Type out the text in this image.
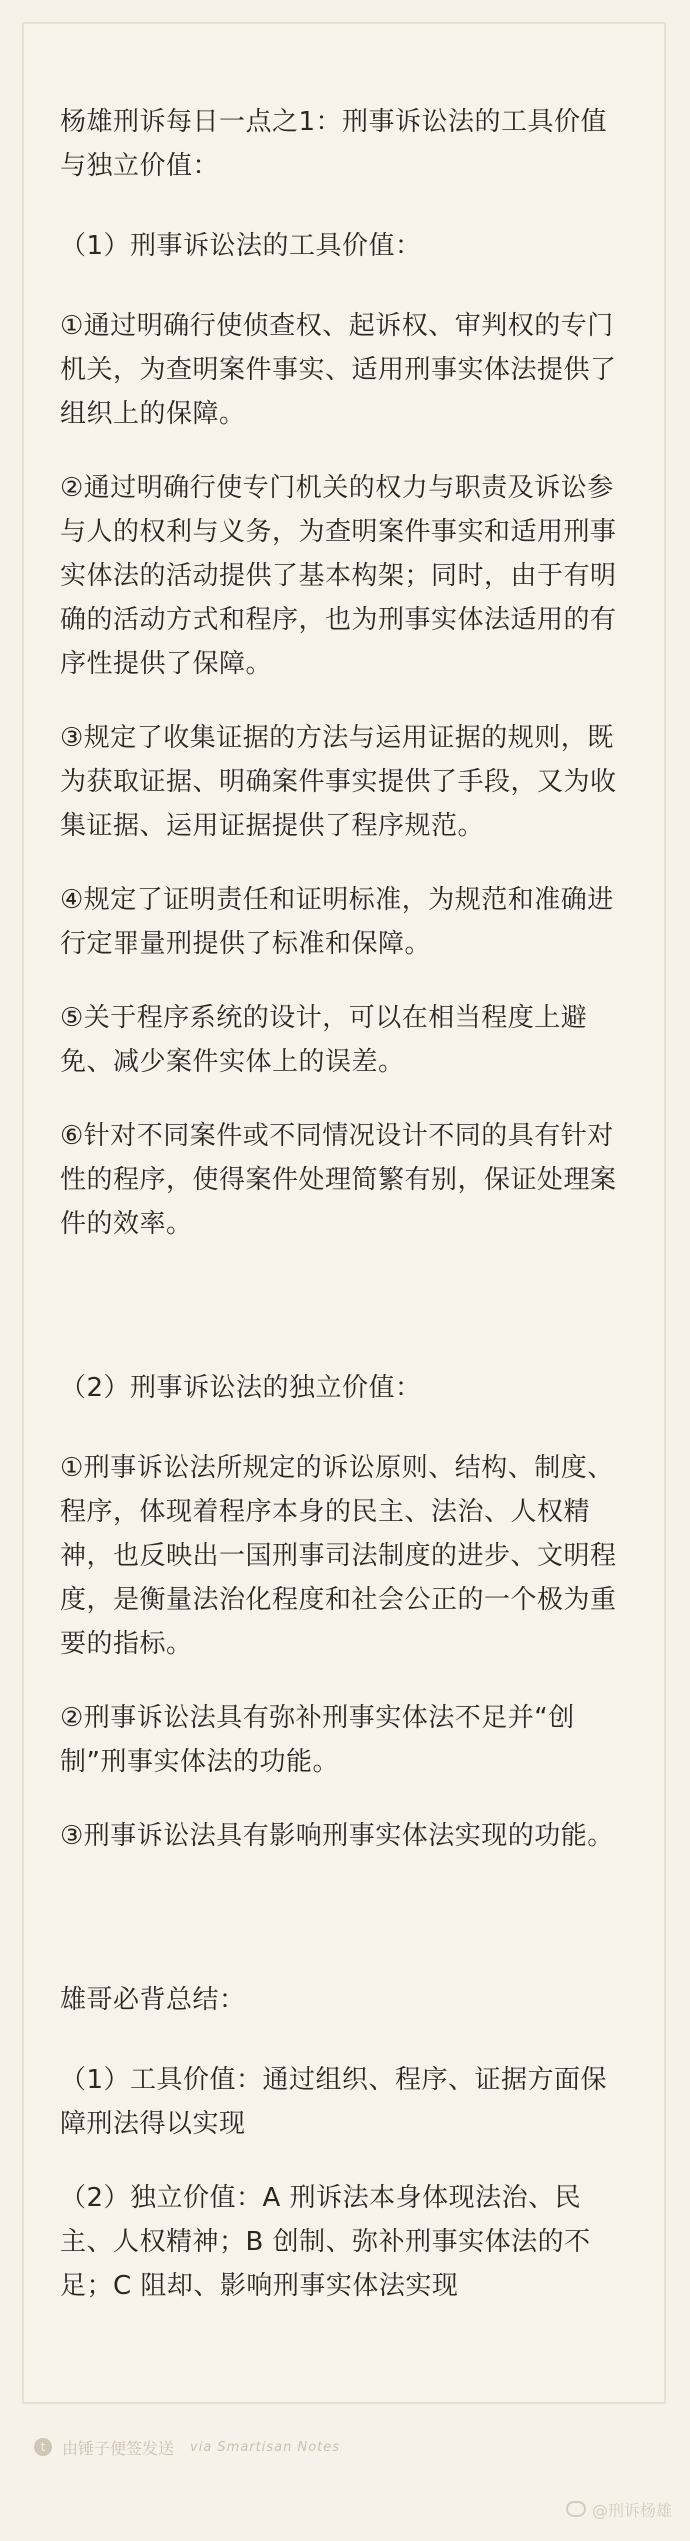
杨雄刑诉每日一点之1：刑事诉讼法的工具价值与独立价值：

（1）刑事诉讼法的工具价值：

①通过明确行使侦查权、起诉权、审判权的专门机关，为查明案件事实、适用刑事实体法提供了组织上的保障。

②通过明确行使专门机关的权力与职责及诉讼参与人的权利与义务，为查明案件事实和适用刑事实体法的活动提供了基本构架；同时，由于有明确的活动方式和程序，也为刑事实体法适用的有序性提供了保障。

③规定了收集证据的方法与运用证据的规则，既为获取证据、明确案件事实提供了手段，又为收集证据、运用证据提供了程序规范。

④规定了证明责任和证明标准，为规范和准确进行定罪量刑提供了标准和保障。

⑤关于程序系统的设计，可以在相当程度上避免、减少案件实体上的误差。

⑥针对不同案件或不同情况设计不同的具有针对性的程序，使得案件处理简繁有别，保证处理案件的效率。

（2）刑事诉讼法的独立价值：

①刑事诉讼法所规定的诉讼原则、结构、制度、程序，体现着程序本身的民主、法治、人权精神，也反映出一国刑事司法制度的进步、文明程度，是衡量法治化程度和社会公正的一个极为重要的指标。

②刑事诉讼法具有弥补刑事实体法不足并“创制”刑事实体法的功能。

③刑事诉讼法具有影响刑事实体法实现的功能。

雄哥必背总结：

（1）工具价值：通过组织、程序、证据方面保障刑法得以实现

（2）独立价值：A 刑诉法本身体现法治、民主、人权精神；B 创制、弥补刑事实体法的不足；C 阻却、影响刑事实体法实现

t	由锤子便签发送 via Smartisan Notes
@刑诉杨雄
